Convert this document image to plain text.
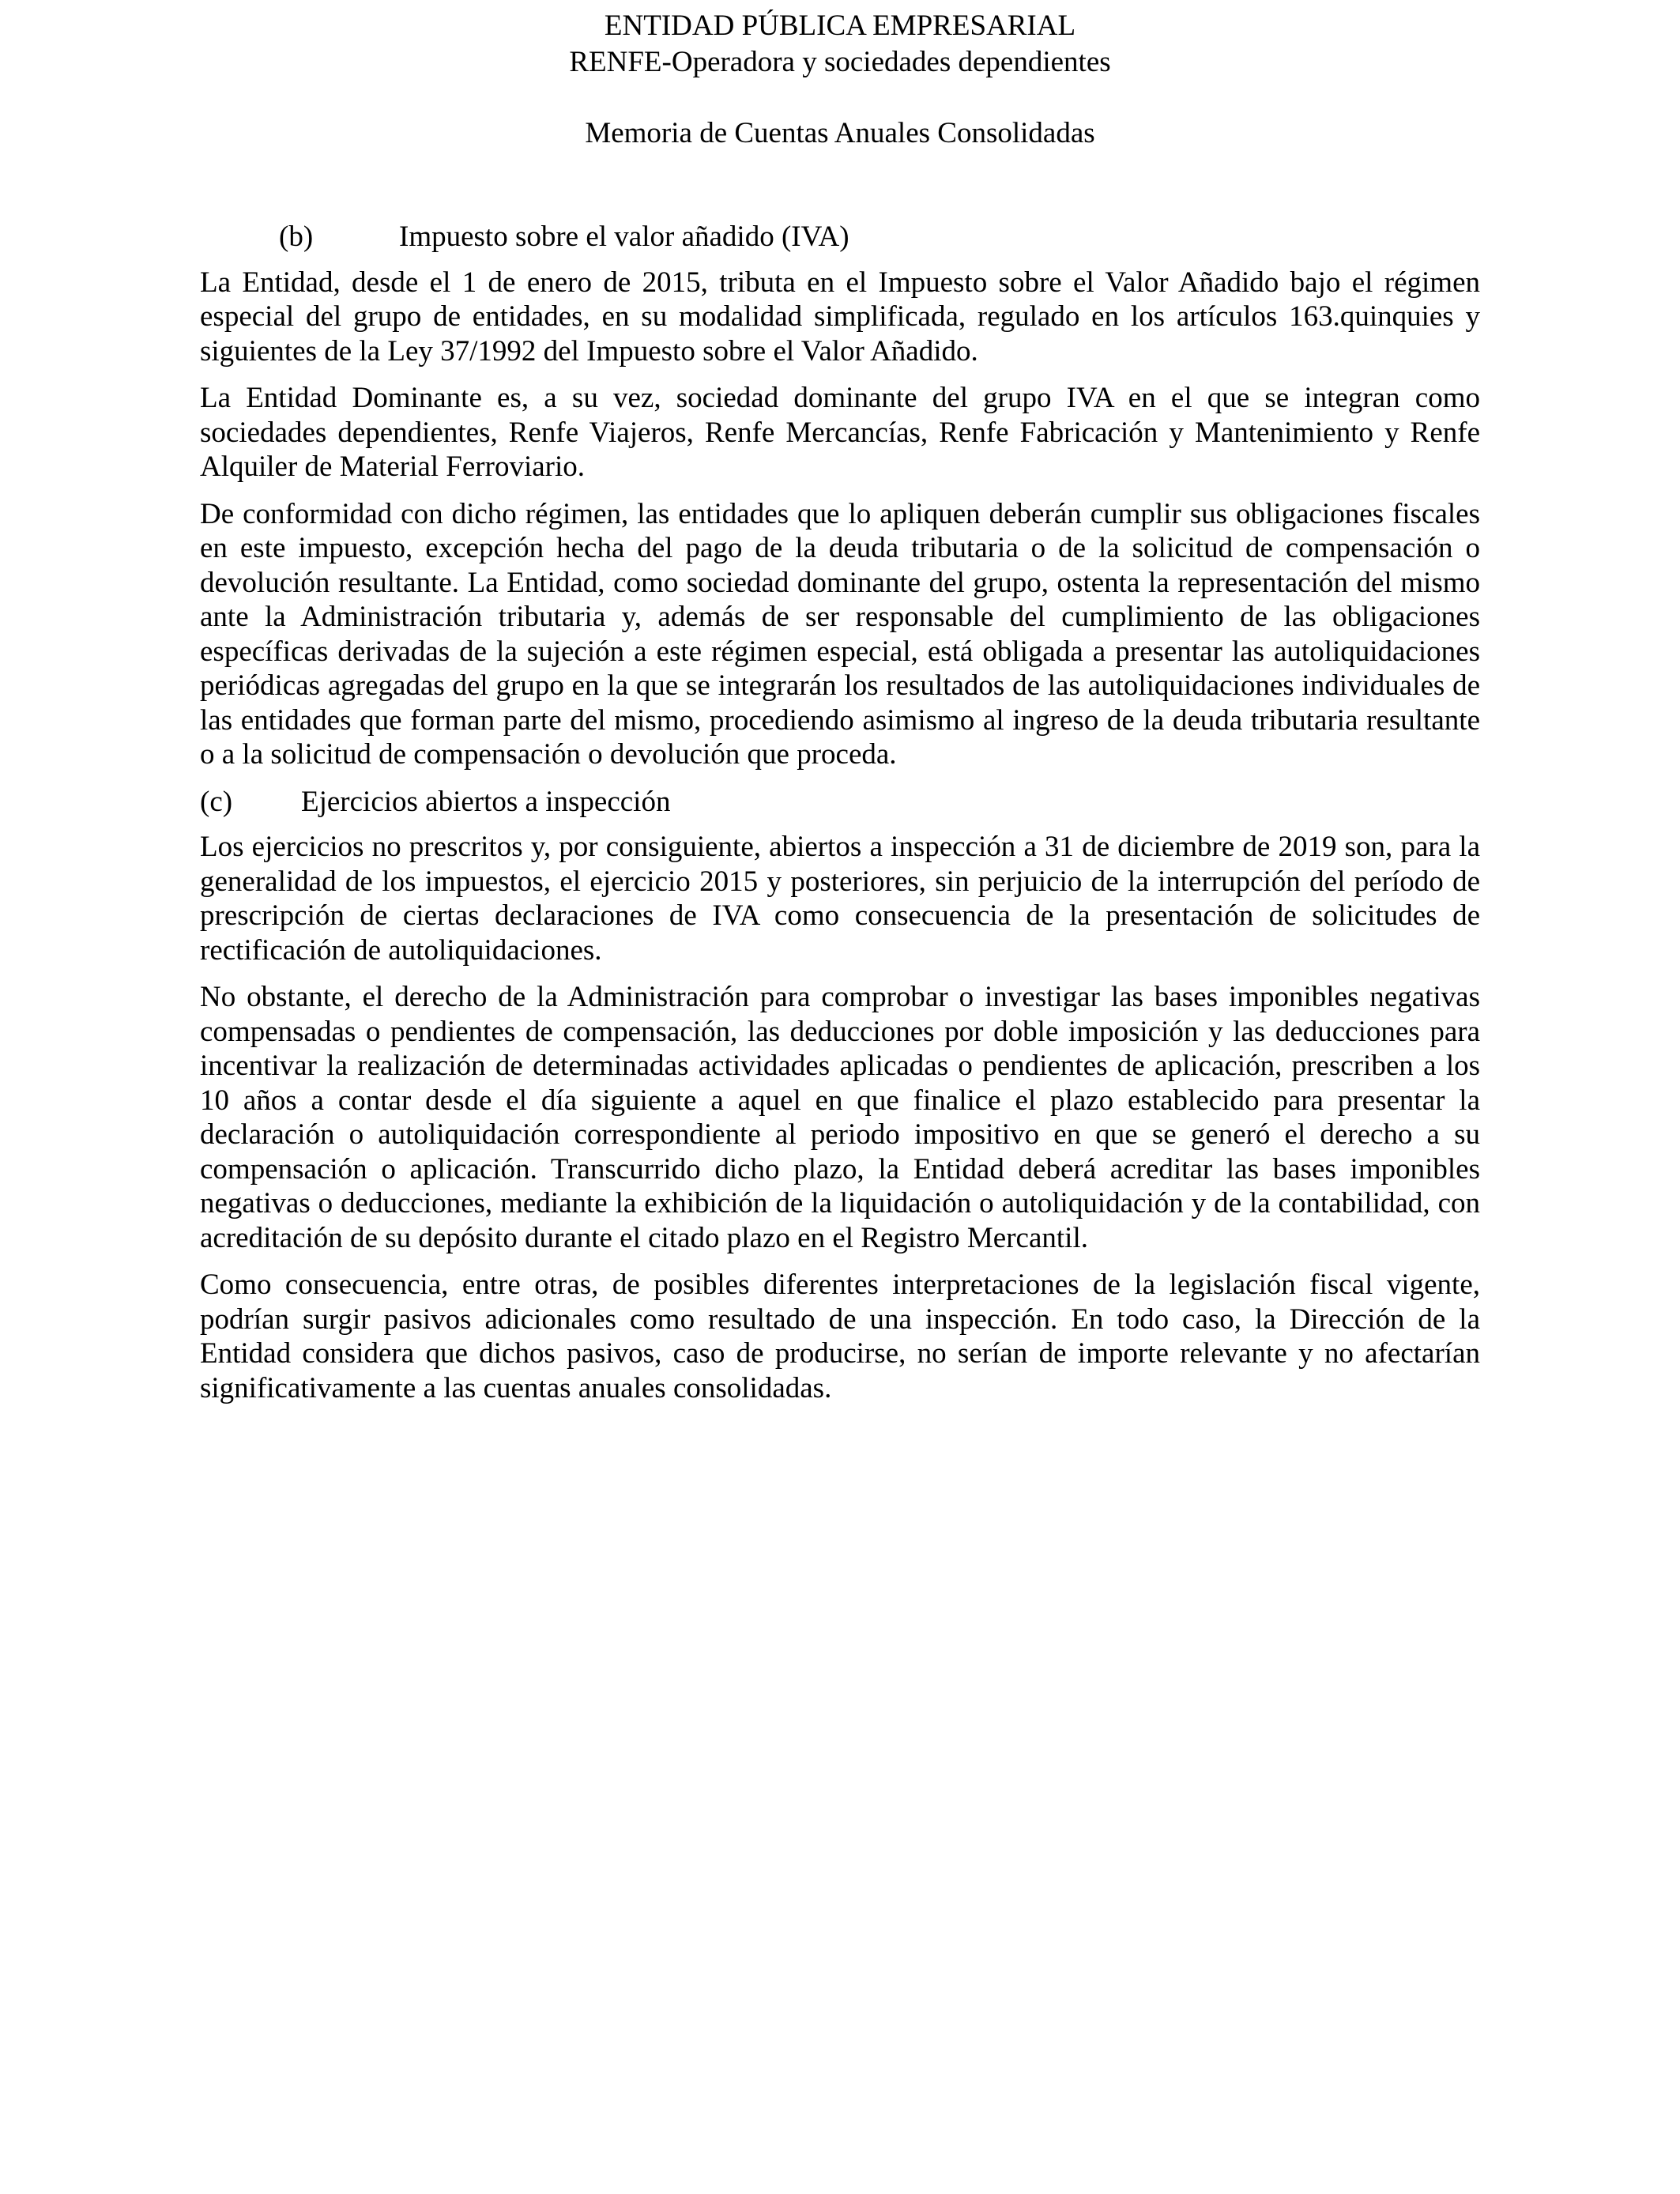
ENTIDAD PÚBLICA EMPRESARIAL
RENFE-Operadora y sociedades dependientes
Memoria de Cuentas Anuales Consolidadas
(b)	Impuesto sobre el valor añadido (IVA)

La Entidad, desde el 1 de enero de 2015, tributa en el Impuesto sobre el Valor Añadido bajo el régimen especial del grupo de entidades, en su modalidad simplificada, regulado en los artículos 163.quinquies y siguientes de la Ley 37/1992 del Impuesto sobre el Valor Añadido.

La Entidad Dominante es, a su vez, sociedad dominante del grupo IVA en el que se integran como sociedades dependientes, Renfe Viajeros, Renfe Mercancías, Renfe Fabricación y Mantenimiento y Renfe Alquiler de Material Ferroviario.

De conformidad con dicho régimen, las entidades que lo apliquen deberán cumplir sus obligaciones fiscales en este impuesto, excepción hecha del pago de la deuda tributaria o de la solicitud de compensación o devolución resultante. La Entidad, como sociedad dominante del grupo, ostenta la representación del mismo ante la Administración tributaria y, además de ser responsable del cumplimiento de las obligaciones específicas derivadas de la sujeción a este régimen especial, está obligada a presentar las autoliquidaciones periódicas agregadas del grupo en la que se integrarán los resultados de las autoliquidaciones individuales de las entidades que forman parte del mismo, procediendo asimismo al ingreso de la deuda tributaria resultante o a la solicitud de compensación o devolución que proceda.

(c) Ejercicios abiertos a inspección

Los ejercicios no prescritos y, por consiguiente, abiertos a inspección a 31 de diciembre de 2019 son, para la generalidad de los impuestos, el ejercicio 2015 y posteriores, sin perjuicio de la interrupción del período de prescripción de ciertas declaraciones de IVA como consecuencia de la presentación de solicitudes de rectificación de autoliquidaciones.

No obstante, el derecho de la Administración para comprobar o investigar las bases imponibles negativas compensadas o pendientes de compensación, las deducciones por doble imposición y las deducciones para incentivar la realización de determinadas actividades aplicadas o pendientes de aplicación, prescriben a los 10 años a contar desde el día siguiente a aquel en que finalice el plazo establecido para presentar la declaración o autoliquidación correspondiente al periodo impositivo en que se generó el derecho a su compensación o aplicación. Transcurrido dicho plazo, la Entidad deberá acreditar las bases imponibles negativas o deducciones, mediante la exhibición de la liquidación o autoliquidación y de la contabilidad, con acreditación de su depósito durante el citado plazo en el Registro Mercantil.

Como consecuencia, entre otras, de posibles diferentes interpretaciones de la legislación fiscal vigente, podrían surgir pasivos adicionales como resultado de una inspección. En todo caso, la Dirección de la Entidad considera que dichos pasivos, caso de producirse, no serían de importe relevante y no afectarían significativamente a las cuentas anuales consolidadas.
